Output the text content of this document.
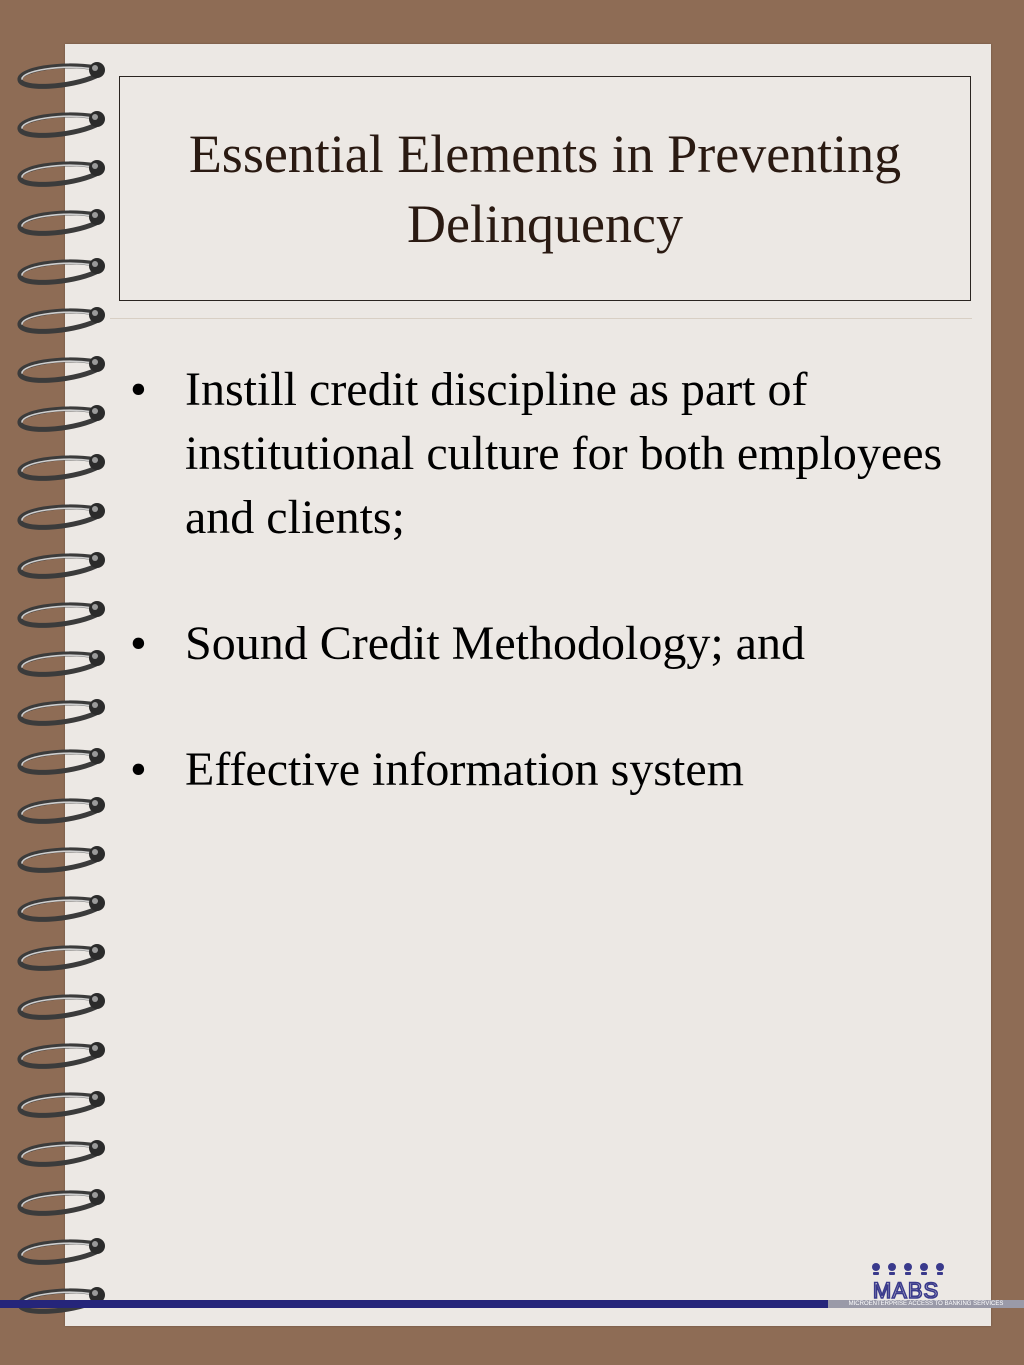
Essential Elements in Preventing Delinquency
• Instill credit discipline as part of institutional culture for both employees and clients;
• Sound Credit Methodology; and
• Effective information system
MABS
MICROENTERPRISE ACCESS TO BANKING SERVICES
